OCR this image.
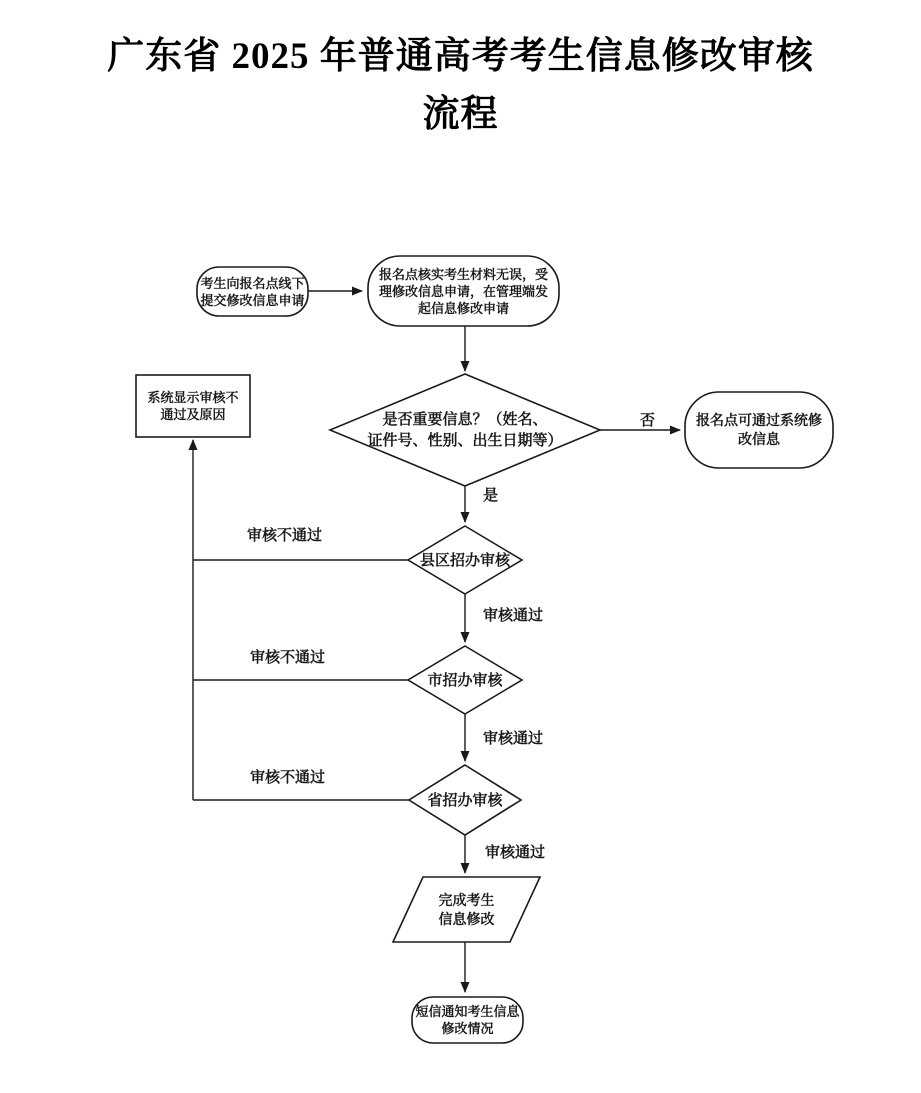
广东省 2025 年普通高考考生信息修改审核
流程
考生向报名点线下
提交修改信息申请
报名点核实考生材料无误，受
理修改信息申请，在管理端发
起信息修改申请
是否重要信息？（姓名、
证件号、性别、出生日期等）
报名点可通过系统修
改信息
系统显示审核不
通过及原因
县区招办审核
市招办审核
省招办审核
完成考生
信息修改
短信通知考生信息
修改情况
否
是
审核不通过
审核不通过
审核不通过
审核通过
审核通过
审核通过
